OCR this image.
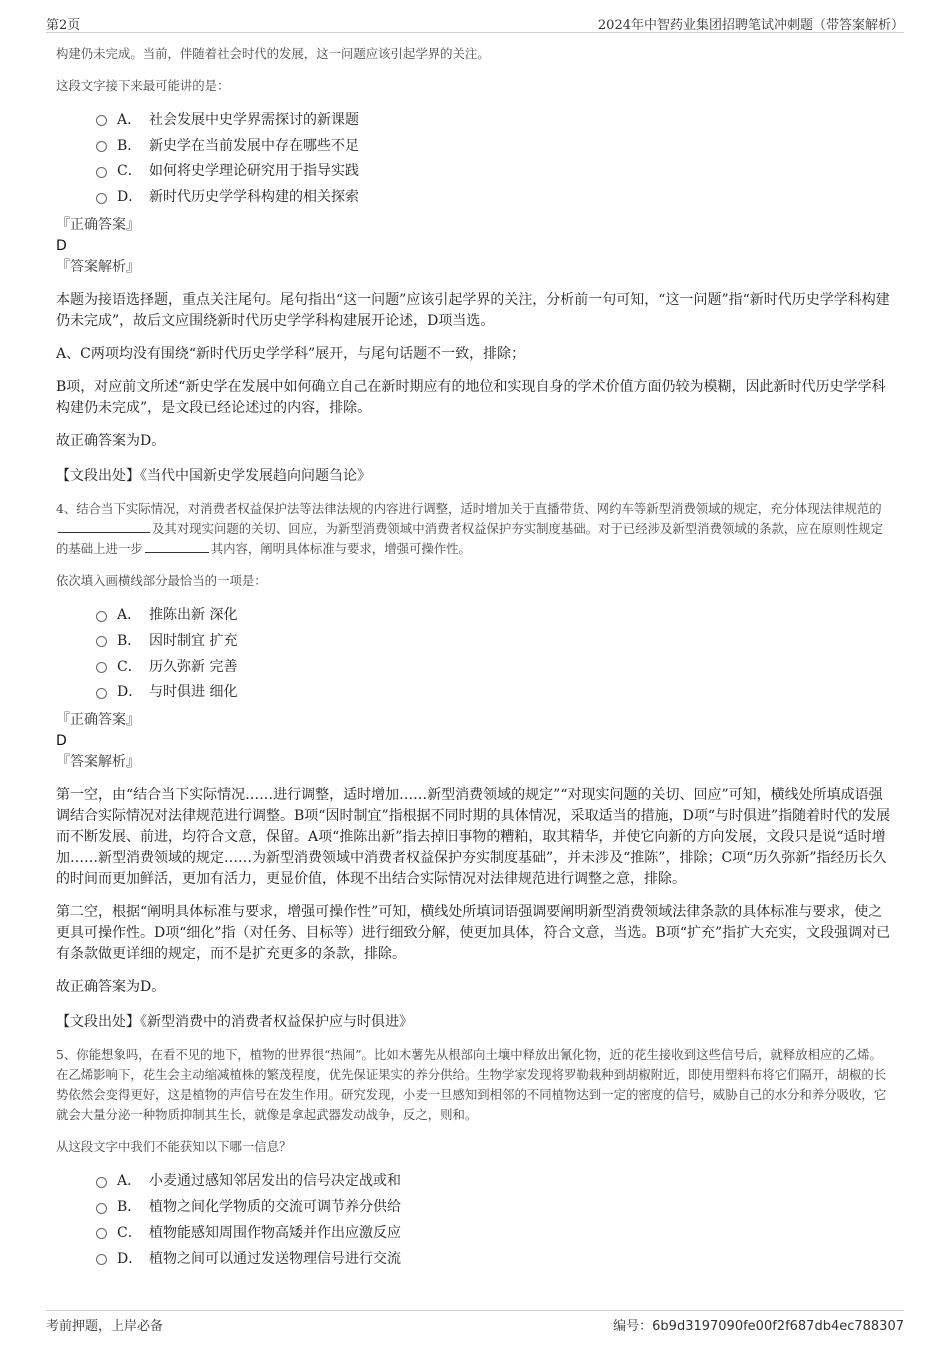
第2页	2024年中智药业集团招聘笔试冲刺题（带答案解析）

构建仍未完成。当前，伴随着社会时代的发展，这一问题应该引起学界的关注。

这段文字接下来最可能讲的是：

A． 社会发展中史学界需探讨的新课题
B． 新史学在当前发展中存在哪些不足
C． 如何将史学理论研究用于指导实践
D． 新时代历史学学科构建的相关探索
『正确答案』
D
『答案解析』

本题为接语选择题，重点关注尾句。尾句指出“这一问题”应该引起学界的关注，分析前一句可知，“这一问题”指“新时代历史学学科构建仍未完成”，故后文应围绕新时代历史学学科构建展开论述，D项当选。

A、C两项均没有围绕“新时代历史学学科”展开，与尾句话题不一致，排除；

B项，对应前文所述“新史学在发展中如何确立自己在新时期应有的地位和实现自身的学术价值方面仍较为模糊，因此新时代历史学学科构建仍未完成”，是文段已经论述过的内容，排除。

故正确答案为D。

【文段出处】《当代中国新史学发展趋向问题刍论》

4、结合当下实际情况，对消费者权益保护法等法律法规的内容进行调整，适时增加关于直播带货、网约车等新型消费领域的规定，充分体现法律规范的及其对现实问题的关切、回应，为新型消费领域中消费者权益保护夯实制度基础。对于已经涉及新型消费领域的条款，应在原则性规定的基础上进一步	其内容，阐明具体标准与要求，增强可操作性。

依次填入画横线部分最恰当的一项是：

A． 推陈出新 深化
B． 因时制宜 扩充
C． 历久弥新 完善
D． 与时俱进 细化
『正确答案』
D
『答案解析』

第一空，由“结合当下实际情况……进行调整，适时增加……新型消费领域的规定”“对现实问题的关切、回应”可知，横线处所填成语强调结合实际情况对法律规范进行调整。B项“因时制宜”指根据不同时期的具体情况，采取适当的措施，D项“与时俱进”指随着时代的发展而不断发展、前进，均符合文意，保留。A项“推陈出新”指去掉旧事物的糟粕，取其精华，并使它向新的方向发展，文段只是说“适时增加……新型消费领域的规定……为新型消费领域中消费者权益保护夯实制度基础”，并未涉及“推陈”，排除；C项“历久弥新”指经历长久的时间而更加鲜活，更加有活力，更显价值，体现不出结合实际情况对法律规范进行调整之意，排除。

第二空，根据“阐明具体标准与要求，增强可操作性”可知，横线处所填词语强调要阐明新型消费领域法律条款的具体标准与要求，使之更具可操作性。D项“细化”指（对任务、目标等）进行细致分解，使更加具体，符合文意，当选。B项“扩充”指扩大充实，文段强调对已有条款做更详细的规定，而不是扩充更多的条款，排除。

故正确答案为D。

【文段出处】《新型消费中的消费者权益保护应与时俱进》

5、你能想象吗，在看不见的地下，植物的世界很“热闹”。比如木薯先从根部向土壤中释放出氰化物，近的花生接收到这些信号后，就释放相应的乙烯。在乙烯影响下，花生会主动缩减植株的繁茂程度，优先保证果实的养分供给。生物学家发现将罗勒栽种到胡椒附近，即使用塑料布将它们隔开，胡椒的长势依然会变得更好，这是植物的声信号在发生作用。研究发现，小麦一旦感知到相邻的不同植物达到一定的密度的信号，威胁自己的水分和养分吸收，它就会大量分泌一种物质抑制其生长，就像是拿起武器发动战争，反之，则和。

从这段文字中我们不能获知以下哪一信息？

A． 小麦通过感知邻居发出的信号决定战或和
B． 植物之间化学物质的交流可调节养分供给
C． 植物能感知周围作物高矮并作出应激反应
D． 植物之间可以通过发送物理信号进行交流
考前押题，上岸必备	编号：6b9d3197090fe00f2f687db4ec788307
